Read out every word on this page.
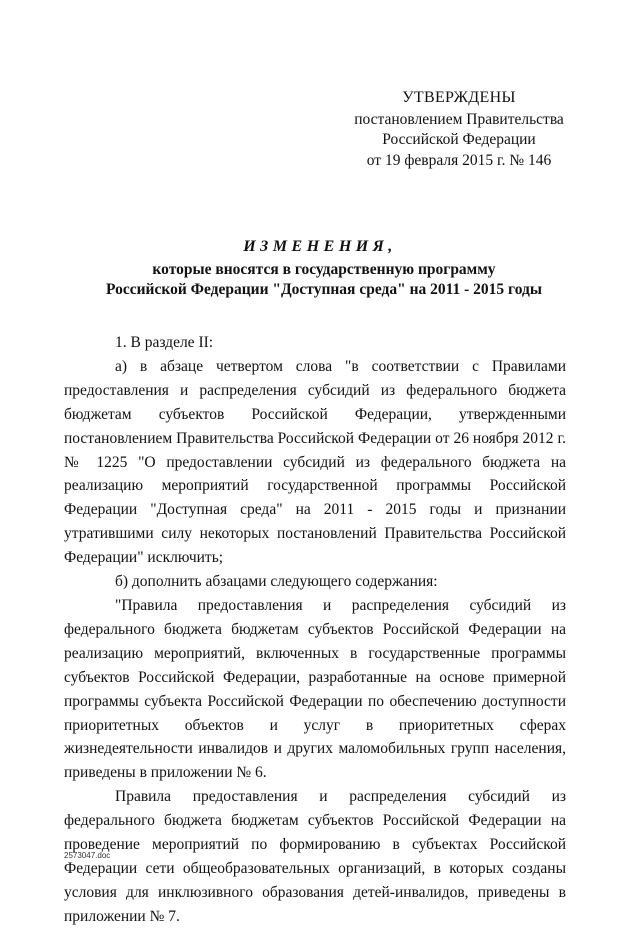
УТВЕРЖДЕНЫ
постановлением Правительства
Российской Федерации
от 19 февраля 2015 г. № 146
ИЗМЕНЕНИЯ,
которые вносятся в государственную программу
Российской Федерации "Доступная среда" на 2011 - 2015 годы

1. В разделе II:

а) в абзаце четвертом слова "в соответствии с Правилами предоставления и распределения субсидий из федерального бюджета бюджетам субъектов Российской Федерации, утвержденными постановлением Правительства Российской Федерации от 26 ноября 2012 г. № 1225 "О предоставлении субсидий из федерального бюджета на реализацию мероприятий государственной программы Российской Федерации "Доступная среда" на 2011 - 2015 годы и признании утратившими силу некоторых постановлений Правительства Российской Федерации" исключить;

б) дополнить абзацами следующего содержания:

"Правила предоставления и распределения субсидий из федерального бюджета бюджетам субъектов Российской Федерации на реализацию мероприятий, включенных в государственные программы субъектов Российской Федерации, разработанные на основе примерной программы субъекта Российской Федерации по обеспечению доступности приоритетных объектов и услуг в приоритетных сферах жизнедеятельности инвалидов и других маломобильных групп населения, приведены в приложении № 6.

Правила предоставления и распределения субсидий из федерального бюджета бюджетам субъектов Российской Федерации на проведение мероприятий по формированию в субъектах Российской Федерации сети общеобразовательных организаций, в которых созданы условия для инклюзивного образования детей-инвалидов, приведены в приложении № 7.

2573047.doc
